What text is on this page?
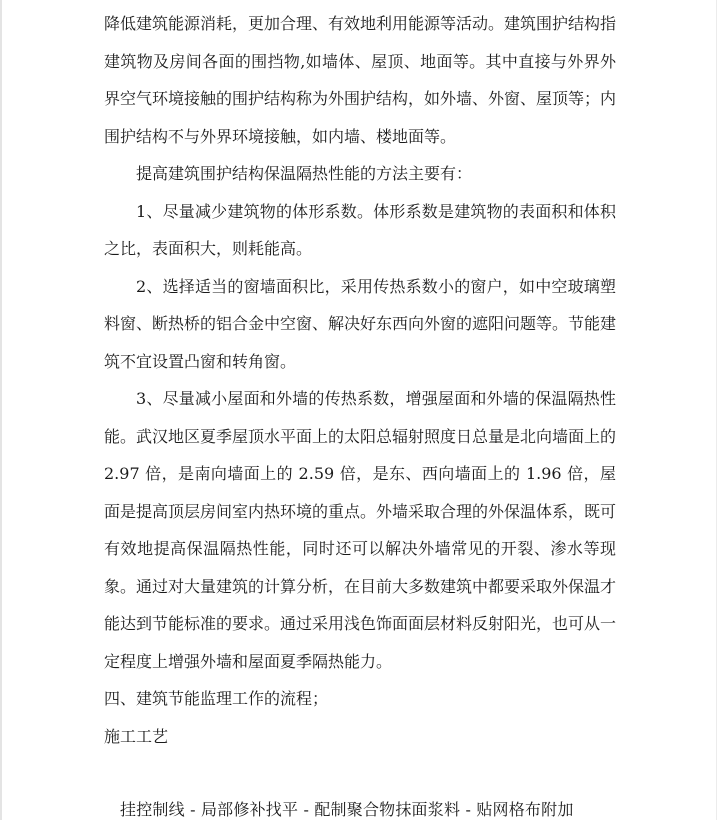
降低建筑能源消耗，更加合理、有效地利用能源等活动。建筑围护结构指建筑物及房间各面的围挡物,如墙体、屋顶、地面等。其中直接与外界外界空气环境接触的围护结构称为外围护结构，如外墙、外窗、屋顶等；内围护结构不与外界环境接触，如内墙、楼地面等。

提高建筑围护结构保温隔热性能的方法主要有：

1、尽量减少建筑物的体形系数。体形系数是建筑物的表面积和体积之比，表面积大，则耗能高。

2、选择适当的窗墙面积比，采用传热系数小的窗户，如中空玻璃塑料窗、断热桥的铝合金中空窗、解决好东西向外窗的遮阳问题等。节能建筑不宜设置凸窗和转角窗。

3、尽量减小屋面和外墙的传热系数，增强屋面和外墙的保温隔热性能。武汉地区夏季屋顶水平面上的太阳总辐射照度日总量是北向墙面上的 2.97 倍，是南向墙面上的 2.59 倍，是东、西向墙面上的 1.96 倍，屋面是提高顶层房间室内热环境的重点。外墙采取合理的外保温体系，既可有效地提高保温隔热性能，同时还可以解决外墙常见的开裂、渗水等现象。通过对大量建筑的计算分析，在目前大多数建筑中都要采取外保温才能达到节能标准的要求。通过采用浅色饰面面层材料反射阳光，也可从一定程度上增强外墙和屋面夏季隔热能力。

四、建筑节能监理工作的流程；

施工工艺

挂控制线 - 局部修补找平 - 配制聚合物抹面浆料 - 贴网格布附加
